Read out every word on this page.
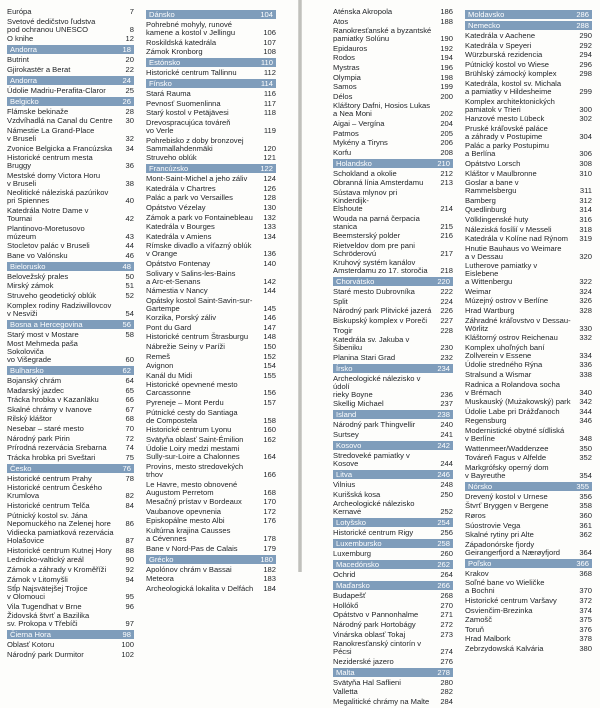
Európa	7
Svetové dedičstvo ľudstva
pod ochranou UNESCO	8
O knihe	12
Andorra	18
Butrint	20
Gjirokastër a Berat	22
Andorra	24
Údolie Madriu-Perafita-Claror	25
Belgicko	26
Flámske bekinaže	28
Vzdvíhadlá na Canal du Centre	30
Námestie La Grand-Place
v Bruseli	32
Zvonice Belgicka a Francúzska	34
Historické centrum mesta Bruggy	36
Mestské domy Victora Horu
v Bruseli	38
Neolitické náleziská pazúrikov
pri Spiennes	40
Katedrála Notre Dame v Tournai	42
Plantinovo-Moretusovo múzeum	43
Stocletov palác v Bruseli	44
Bane vo Valónsku	46
Bielorusko	48
Belovežský prales	50
Mirský zámok	51
Struveho geodetický oblúk	52
Komplex rodiny Radziwillovcov
v Nesviži	54
Bosna a Hercegovina	56
Starý most v Mostare	58
Most Mehmeda paša Sokoloviča
vo Višegrade	60
Bulharsko	62
Bojanský chrám	64
Madarský jazdec	65
Trácka hrobka v Kazanläku	66
Skalné chrámy v Ivanove	67
Rilský kláštor	68
Nesebar – staré mesto	70
Národný park Pirin	72
Prírodná rezervácia Srebarna	74
Trácka hrobka pri Sveštari	75
Česko	76
Historické centrum Prahy	78
Historické centrum Českého
Krumlova	82
Historické centrum Telča	84
Pútnický kostol sv. Jána
Nepomuckého na Zelenej hore	86
Vidiecka pamiatková rezervácia
Holašovice	87
Historické centrum Kutnej Hory	88
Lednicko-valtický areál	90
Zámok a záhrady v Kroměříži	92
Zámok v Litomyšli	94
Stĺp Najsvätejšej Trojice
v Olomouci	95
Vila Tugendhat v Brne	96
Židovská štvrť a Bazilika
sv. Prokopa v Třebíči	97
Čierna Hora	98
Oblasť Kotoru	100
Národný park Durmitor	102
Dánsko	104
Pohrebné mohyly, runové
kamene a kostol v Jellingu	106
Roskildská katedrála	107
Zámok Kronborg	108
Estónsko	110
Historické centrum Tallinnu	112
Fínsko	114
Stará Rauma	116
Pevnosť Suomenlinna	117
Starý kostol v Petäjävesi	118
Drevospracujúca továreň
vo Verle	119
Pohrebisko z doby bronzovej
Sammallahdenmäki	120
Struveho oblúk	121
Francúzsko	122
Mont-Saint-Michel a jeho záliv	124
Katedrála v Chartres	126
Palác a park vo Versailles	128
Opátstvo Vézelay	130
Zámok a park vo Fontainebleau	132
Katedrála v Bourges	133
Katedrála v Amiens	134
Rímske divadlo a víťazný oblúk
v Orange	136
Opátstvo Fontenay	140
Solivary v Salins-les-Bains
a Arc-et-Senans	142
Námestia v Nancy	144
Opátsky kostol Saint-Savin-sur-
Gartempe	145
Korzika, Porský záliv	146
Pont du Gard	147
Historické centrum Štrasburgu	148
Nábrežie Seiny v Paríži	150
Remeš	152
Avignon	154
Kanál du Midi	155
Historické opevnené mesto
Carcassonne	156
Pyreneje – Mont Perdu	157
Pútnické cesty do Santiaga
de Compostela	158
Historické centrum Lyonu	160
Svätyňa oblasť Saint-Émilion	162
Údolie Loiry medzi mestami
Sully-sur-Loire a Chalonnes	164
Provins, mesto stredovekých
trhov	166
Le Havre, mesto obnovené
Augustom Perretom	168
Mesačný prístav v Bordeaux	170
Vaubanove opevnenia	172
Episkopálne mesto Albi	176
Kultúrna krajina Causses
a Cévennes	178
Bane v Nord-Pas de Calais	179
Grécko	180
Apolónov chrám v Bassai	182
Meteora	183
Archeologická lokalita v Delfách	184
Aténska Akropola	186
Atos	188
Ranokresťanské a byzantské
pamiatky Solúnu	190
Epidauros	192
Rodos	194
Mystras	196
Olympia	198
Samos	199
Délos	200
Kláštory Dafni, Hosios Lukas
a Nea Moni	202
Aigai – Vergína	204
Patmos	205
Mykény a Tiryns	206
Korfu	208
Holandsko	210
Schokland a okolie	212
Obranná línia Amsterdamu	213
Sústava mlynov pri Kinderdijk-
Elshoute	214
Wouda na parná čerpacia stanica	215
Beemsterský polder	216
Rietveldov dom pre pani
Schröderovú	217
Kruhový systém kanálov
Amsterdamu zo 17. storočia	218
Chorvátsko	220
Staré mesto Dubrovníka	222
Split	224
Národný park Plitvické jazerá	226
Biskupský komplex v Poreči	227
Trogir	228
Katedrála sv. Jakuba v Šibeniku	230
Planina Stari Grad	232
Írsko	234
Archeologické nálezisko v údolí
rieky Boyne	236
Skellig Michael	237
Island	238
Národný park Thingvellir	240
Surtsey	241
Kosovo	242
Stredoveké pamiatky v Kosove	244
Litva	246
Vilnius	248
Kurišská kosa	250
Archeologické nálezisko Kernavė	252
Lotyšsko	254
Historické centrum Rigy	256
Luxembursko	258
Luxemburg	260
Macedónsko	262
Ochrid	264
Maďarsko	266
Budapešť	268
Hollókő	270
Opátstvo v Pannonhalme	271
Národný park Hortobágy	272
Vinárska oblasť Tokaj	273
Ranokresťanský cintorín v Pécsi	274
Neziderské jazero	276
Malta	278
Svätyňa Hal Saflieni	280
Valletta	282
Megalitické chrámy na Malte	284
Moldavsko	286
Nemecko	288
Katedrála v Aachene	290
Katedrála v Speyeri	292
Würzburská rezidencia	294
Pútnický kostol vo Wiese	296
Brühlský zámocký komplex	298
Katedrála, kostol sv. Michala
a pamiatky v Hildesheime	299
Komplex architektonických
pamiatok v Trieri	300
Hanzové mesto Lübeck	302
Pruské kráľovské paláce
a záhrady v Postupime	304
Palác a parky Postupimu
a Berlína	306
Opátstvo Lorsch	308
Kláštor v Maulbronne	310
Goslar a bane v Rammelsbergu	311
Bamberg	312
Quedlinburg	314
Völklingenské huty	316
Náleziská fosílií v Messeli	318
Katedrála v Kolíne nad Rýnom	319
Hnutie Bauhaus vo Weimare
a v Dessau	320
Lutherove pamiatky v Eislebene
a Wittenbergu	322
Weimar	324
Múzejný ostrov v Berlíne	326
Hrad Wartburg	328
Záhradné kráľovstvo v Dessau-
Wörlitz	330
Kláštorný ostrov Reichenau	332
Komplex uhoľných baní
Zollverein v Essene	334
Údolie stredného Rýna	336
Stralsund a Wismar	338
Radnica a Rolandova socha
v Brémach	340
Muskauský (Mużakowský) park	342
Údolie Labe pri Drážďanoch	344
Regensburg	346
Modernistické obytné sídliská
v Berlíne	348
Wattenmeer/Waddenzee	350
Továreň Fagus v Alfelde	352
Markgrófsky operný dom
v Bayreuthe	354
Nórsko	355
Drevený kostol v Urnese	356
Štvrť Bryggen v Bergene	358
Røros	360
Súostrovie Vega	361
Skalné rytiny pri Alte	362
Západonórske fjordy
Geirangerfjord a Nærøyfjord	364
Poľsko	366
Krakov	368
Soľné bane vo Wieličke
a Bochni	370
Historické centrum Varšavy	372
Osvienčim-Brezinka	374
Zamošč	375
Toruň	376
Hrad Malbork	378
Zebrzydowská Kalvária	380
